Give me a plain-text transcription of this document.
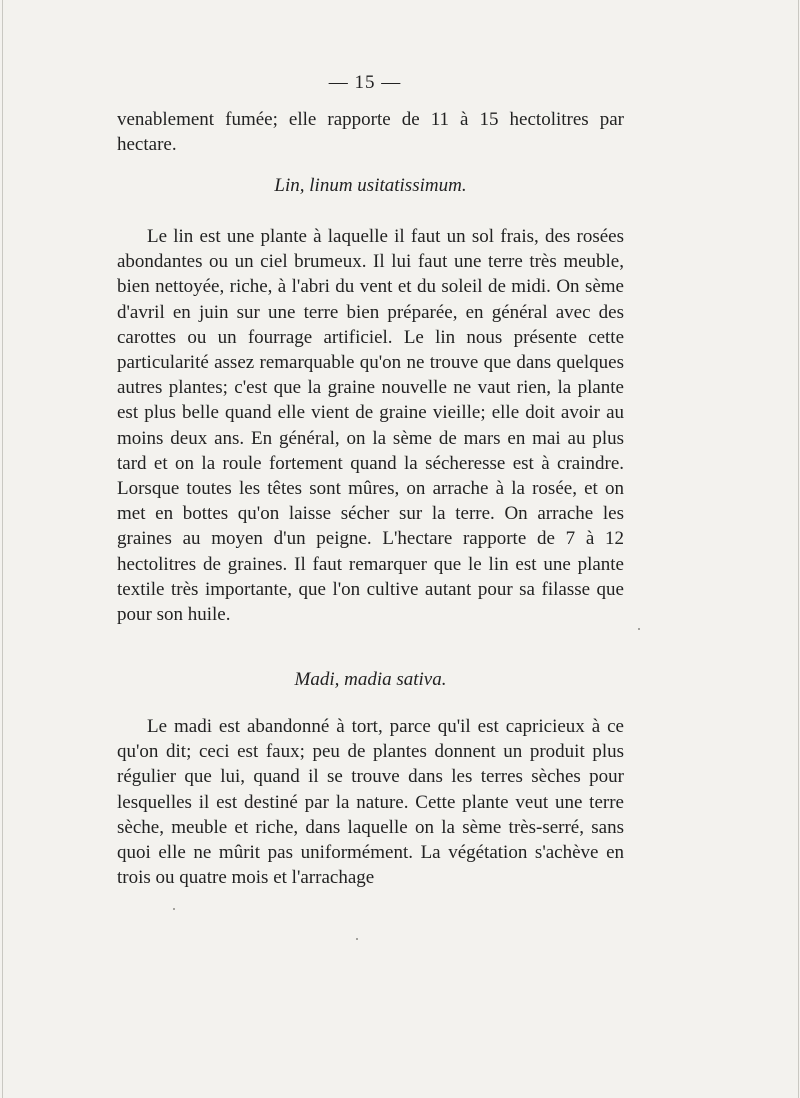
— 15 —

venablement fumée; elle rapporte de 11 à 15 hectolitres par hectare.

Lin, linum usitatissimum.

Le lin est une plante à laquelle il faut un sol frais, des rosées abondantes ou un ciel brumeux. Il lui faut une terre très meuble, bien nettoyée, riche, à l'abri du vent et du soleil de midi. On sème d'avril en juin sur une terre bien préparée, en général avec des carottes ou un fourrage artificiel. Le lin nous présente cette particularité assez remarquable qu'on ne trouve que dans quelques autres plantes; c'est que la graine nouvelle ne vaut rien, la plante est plus belle quand elle vient de graine vieille; elle doit avoir au moins deux ans. En général, on la sème de mars en mai au plus tard et on la roule fortement quand la sécheresse est à craindre. Lorsque toutes les têtes sont mûres, on arrache à la rosée, et on met en bottes qu'on laisse sécher sur la terre. On arrache les graines au moyen d'un peigne. L'hectare rapporte de 7 à 12 hectolitres de graines. Il faut remarquer que le lin est une plante textile très importante, que l'on cultive autant pour sa filasse que pour son huile.

Madi, madia sativa.

Le madi est abandonné à tort, parce qu'il est capricieux à ce qu'on dit; ceci est faux; peu de plantes donnent un produit plus régulier que lui, quand il se trouve dans les terres sèches pour lesquelles il est destiné par la nature. Cette plante veut une terre sèche, meuble et riche, dans laquelle on la sème très-serré, sans quoi elle ne mûrit pas uniformément. La végétation s'achève en trois ou quatre mois et l'arrachage
